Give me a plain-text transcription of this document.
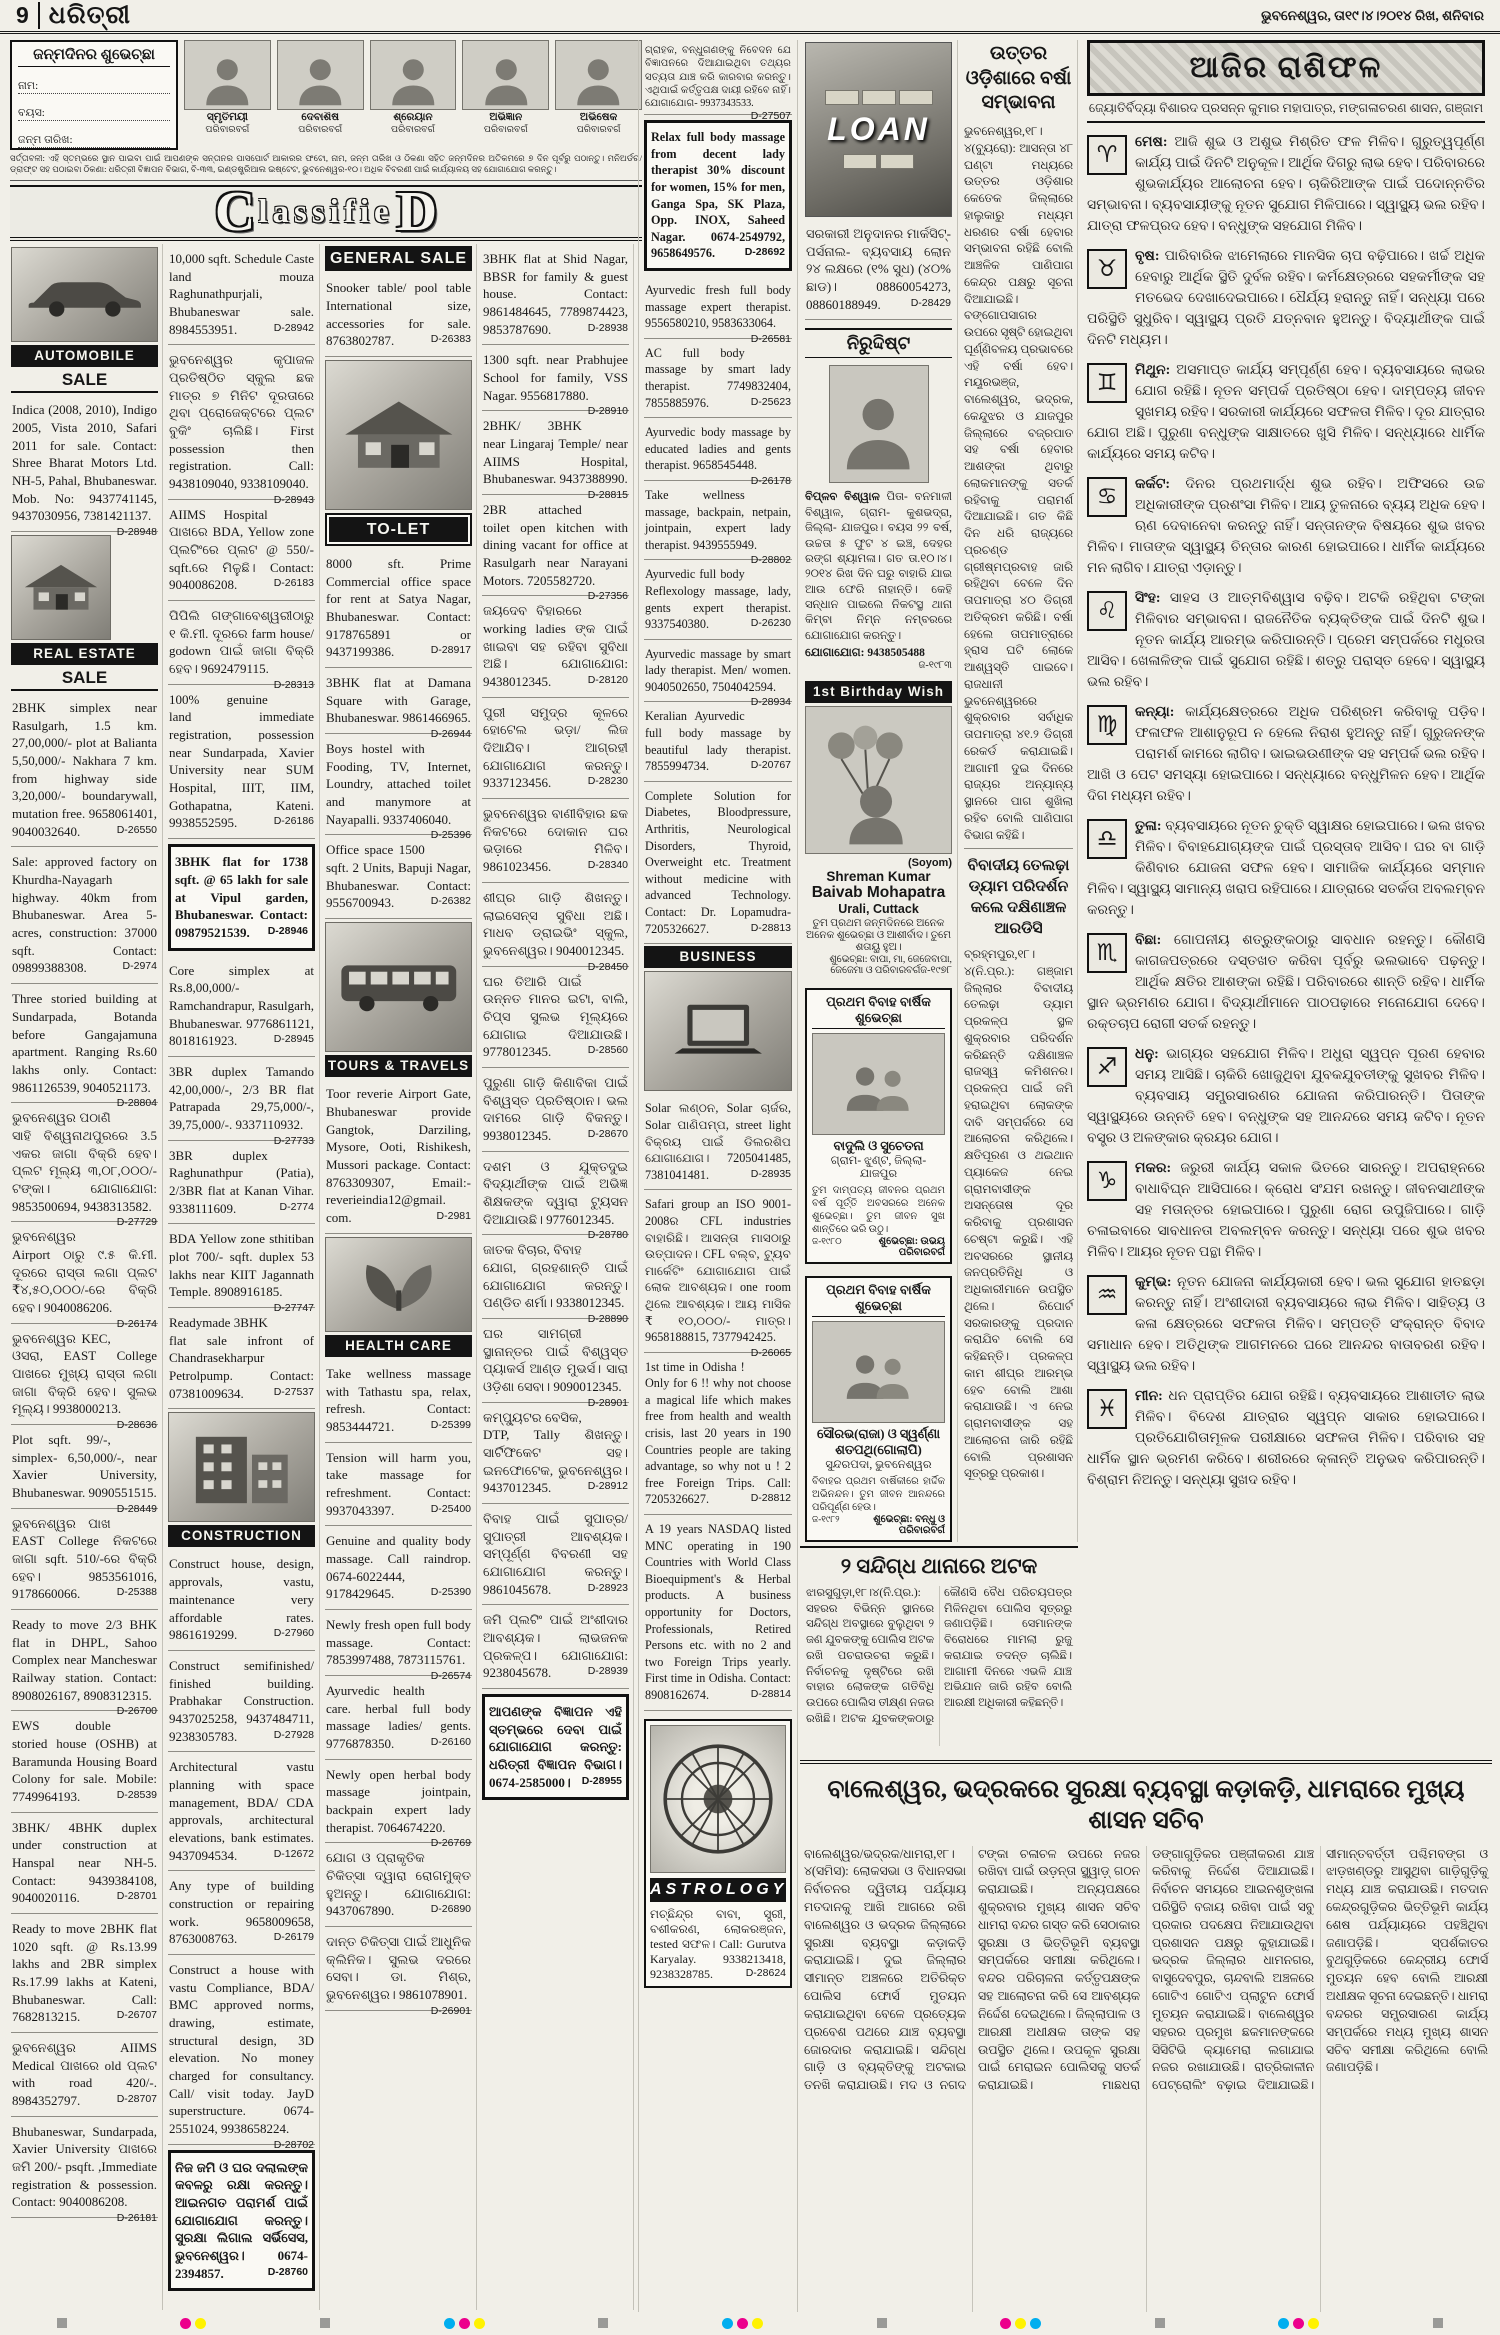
9 ଧରିତ୍ରୀ	ଭୁବନେଶ୍ୱର, ତା୧୯।୪।୨୦୧୪ ରିଖ, ଶନିବାର
ଜନ୍ମଦିନର ଶୁଭେଚ୍ଛା
ନାମ:
ବୟସ:
ଜନ୍ମ ତାରିଖ:
ସ୍ମୃତିମୟୀ
ପରିବାରବର୍ଗ
ଦେବାଶିଷ
ପରିବାରବର୍ଗ
ଶ୍ରେୟାନ
ପରିବାରବର୍ଗ
ଅଭିଜ୍ଞାନ
ପରିବାରବର୍ଗ
ଅଭିଷେକ
ପରିବାରବର୍ଗ
ସର୍ତ୍ତାବଳୀ: ଏହି ସ୍ତମ୍ଭରେ ସ୍ଥାନ ପାଇବା ପାଇଁ ଆପଣଙ୍କ ସନ୍ତାନର ପାସପୋର୍ଟ ଆକାରର ଫଟୋ, ନାମ, ଜନ୍ମ ତାରିଖ ଓ ଠିକଣା ସହିତ ଜନ୍ମଦିନର ଅତିକମରେ ୭ ଦିନ ପୂର୍ବରୁ ପଠାନ୍ତୁ। ମନିଅର୍ଡର/ ଡ୍ରାଫ୍ଟ ସହ ପଠାଇବା ଠିକଣା: ଧରିତ୍ରୀ ବିଜ୍ଞାପନ ବିଭାଗ, ବି-୩୩, ଇଣ୍ଡଷ୍ଟ୍ରିଆଲ ଇଷ୍ଟେଟ, ଭୁବନେଶ୍ୱର-୧୦। ଅଧିକ ବିବରଣୀ ପାଇଁ କାର୍ଯ୍ୟାଳୟ ସହ ଯୋଗାଯୋଗ କରନ୍ତୁ।
C lassifie D
AUTOMOBILE
SALE
Indica (2008, 2010), Indigo 2005, Vista 2010, Safari 2011 for sale. Contact: Shree Bharat Motors Ltd. NH-5, Pahal, Bhubaneswar. Mob. No: 9437741145, 9437030956, 7381421137.
D-28948
REAL ESTATE
SALE
2BHK simplex near Rasulgarh, 1.5 km. 27,00,000/- plot at Balianta 5,50,000/- Nakhara 7 km. from highway side 3,20,000/- boundarywall, mutation free. 9658061401, 9040032640.	D-26550
Sale: approved factory on Khurdha-Nayagarh highway. 40km from Bhubaneswar. Area 5- acres, construction: 37000 sqft. Contact: 09899388308.	D-2974
Three storied building at Sundarpada, Botanda before Gangajamuna apartment. Ranging Rs.60 lakhs only. Contact: 9861126539, 9040521173.
D-28804
ଭୁବନେଶ୍ୱର ପଠାଣି ସାହି ବିଶ୍ୱନାଥପୁରରେ 3.5 ଏକର ଜାଗା ବିକ୍ରି ହେବ। ପ୍ଲଟ ମୂଲ୍ୟ ୩,୦୮,୦୦୦/- ଟଙ୍କା। ଯୋଗାଯୋଗ: 9853500694, 9438313582.
D-27729
ଭୁବନେଶ୍ୱର Airport ଠାରୁ ୯.୫ କି.ମୀ. ଦୂରରେ ରାସ୍ତା ଲଗା ପ୍ଲଟ ₹୪,୫୦,୦୦୦/-ରେ ବିକ୍ରି ହେବ। 9040086206.
D-26174
ଭୁବନେଶ୍ୱର KEC, ଓସରା, EAST College ପାଖରେ ମୁଖ୍ୟ ରାସ୍ତା ଲଗା ଜାଗା ବିକ୍ରି ହେବ। ସୁଲଭ ମୂଲ୍ୟ। 9938000213.
D-28636
Plot sqft. 99/-, simplex- 6,50,000/-, near Xavier University, Bhubaneswar. 9090551515.
D-28449
ଭୁବନେଶ୍ୱର ପାଖ EAST College ନିକଟରେ ଜାଗା sqft. 510/-ରେ ବିକ୍ରି ହେବ। 9853561016, 9178660066.	D-25388
Ready to move 2/3 BHK flat in DHPL, Sahoo Complex near Mancheswar Railway station. Contact: 8908026167, 8908312315.
D-26700
EWS double storied house (OSHB) at Baramunda Housing Board Colony for sale. Mobile: 7749964193.	D-28539
3BHK/ 4BHK duplex under construction at Hanspal near NH-5. Contact: 9439384108, 9040020116.	D-28701
Ready to move 2BHK flat 1020 sqft. @ Rs.13.99 lakhs and 2BR simplex Rs.17.99 lakhs at Kateni, Bhubaneswar. Call: 7682813215.	D-26707
ଭୁବନେଶ୍ୱର AIIMS Medical ପାଖରେ old ପ୍ଲଟ with road 420/-. 8984352797.	D-28707
Bhubaneswar, Sundarpada, Xavier University ପାଖରେ ଜମି 200/- psqft. ,Immediate registration & possession. Contact: 9040086208.
D-26181
10,000 sqft. Schedule Caste land mouza Raghunathpurjali, Bhubaneswar sale. 8984553951.	D-28942
ଭୁବନେଶ୍ୱର କୃପାଜଳ ପ୍ରତିଷ୍ଠିତ ସ୍କୁଲ ଛକ ମାତ୍ର ୭ ମିନିଟ ଦୂରତାରେ ଥିବା ପ୍ରୋଜେକ୍ଟରେ ପ୍ଲଟ ବୁକିଂ ଚାଲିଛି। First possession then registration. Call: 9438109040, 9338109040.
D-28943
AIIMS Hospital ପାଖରେ BDA, Yellow zone ପ୍ଲଟିଂରେ ପ୍ଲଟ @ 550/- sqft.ରେ ମିଳୁଛି। Contact: 9040086208.	D-26183
ପିପିଲି ଗଙ୍ଗାବେଶ୍ୱରୀଠାରୁ ୧ କି.ମୀ. ଦୂରରେ farm house/ godown ପାଇଁ ଜାଗା ବିକ୍ରି ହେବ। 9692479115.
D-28313
100% genuine land immediate registration, possession near Sundarpada, Xavier University near SUM Hospital, IIIT, IIM, Gothapatna, Kateni. 9938552595.	D-26186
3BHK flat for 1738 sqft. @ 65 lakh for sale at Vipul garden, Bhubaneswar. Contact: 09879521539. D-28946
Core simplex at Rs.8,00,000/- Ramchandrapur, Rasulgarh, Bhubaneswar. 9776861121, 8018161923.	D-28945
3BR duplex Tamando 42,00,000/-, 2/3 BR flat Patrapada 29,75,000/-, 39,75,000/-. 9337110932.
D-27733
3BR duplex Raghunathpur (Patia), 2/3BR flat at Kanan Vihar. 9338111609.	D-2774
BDA Yellow zone sthitiban plot 700/- sqft. duplex 53 lakhs near KIIT Jagannath Temple. 8908916185.
D-27747
Readymade 3BHK flat sale infront of Chandrasekharpur Petrolpump. Contact: 07381009634.	D-27537
CONSTRUCTION
Construct house, design, approvals, vastu, maintenance very affordable rates. 9861619299.	D-27960
Construct semifinished/ finished building. Prabhakar Construction. 9437025258, 9437484711, 9238305783.	D-27928
Architectural vastu planning with space management, BDA/ CDA approvals, architectural elevations, bank estimates. 9437094534.	D-12672
Any type of building construction or repairing work. 9658009658, 8763008763.	D-26179
Construct a house with vastu Compliance, BDA/ BMC approved norms, drawing, estimate, structural design, 3D elevation. No money charged for consultancy. Call/ visit today. JayD superstructure. 0674-2551024, 9938658224.
D-28702
ନିଜ ଜମି ଓ ଘର ଦଲାଲଙ୍କ କବଳରୁ ରକ୍ଷା କରନ୍ତୁ। ଆଇନଗତ ପରାମର୍ଶ ପାଇଁ ଯୋଗାଯୋଗ କରନ୍ତୁ। ସୁରକ୍ଷା ଲିଗାଲ ସର୍ଭିସେସ, ଭୁବନେଶ୍ୱର। 0674-2394857.	D-28760
GENERAL SALE
Snooker table/ pool table International size, accessories for sale. 8763802787.	D-26383
TO-LET
8000 sft. Prime Commercial office space for rent at Satya Nagar, Bhubaneswar. Contact: 9178765891 or 9437199386.	D-28917
3BHK flat at Damana Square with Garage, Bhubaneswar. 9861466965.
D-26944
Boys hostel with Fooding, TV, Internet, Loundry, attached toilet and manymore at Nayapalli. 9337406040.
D-25396
Office space 1500 sqft. 2 Units, Bapuji Nagar, Bhubaneswar. Contact: 9556700943.	D-26382
TOURS & TRAVELS
Toor reverie Airport Gate, Bhubaneswar provide Gangtok, Darziling, Mysore, Ooti, Rishikesh, Mussori package. Contact: 8763309307, Email:- reverieindia12@gmail. com.	D-2981
HEALTH CARE
Take wellness massage with Tathastu spa, relax, refresh. Contact: 9853444721.	D-25399
Tension will harm you, take massage for refreshment. Contact: 9937043397.	D-25400
Genuine and quality body massage. Call raindrop. 0674-6022444, 9178429645.	D-25390
Newly fresh open full body massage. Contact: 7853997488, 7873115761.
D-26574
Ayurvedic health care. herbal full body massage ladies/ gents. 9776878350.	D-26160
Newly open herbal body massage jointpain, backpain expert lady therapist. 7064674220.
D-26769
ଯୋଗ ଓ ପ୍ରାକୃତିକ ଚିକିତ୍ସା ଦ୍ୱାରା ରୋଗମୁକ୍ତ ହୁଅନ୍ତୁ। ଯୋଗାଯୋଗ: 9437067890.	D-26890
ଦାନ୍ତ ଚିକିତ୍ସା ପାଇଁ ଆଧୁନିକ କ୍ଲିନିକ। ସୁଲଭ ଦରରେ ସେବା। ଡା. ମିଶ୍ର, ଭୁବନେଶ୍ୱର। 9861078901.
D-26901
3BHK flat at Shid Nagar, BBSR for family & guest house. Contact: 9861484645, 7789874423, 9853787690.	D-28938
1300 sqft. near Prabhujee School for family, VSS Nagar. 9556817880.
D-28910
2BHK/ 3BHK near Lingaraj Temple/ near AIIMS Hospital, Bhubaneswar. 9437388990.
D-28815
2BR attached toilet open kitchen with dining vacant for office at Rasulgarh near Narayani Motors. 7205582720.
D-27356
ଜୟଦେବ ବିହାରରେ working ladies ଙ୍କ ପାଇଁ ଖାଇବା ସହ ରହିବା ସୁବିଧା ଅଛି। ଯୋଗାଯୋଗ: 9438012345.	D-28120
ପୁରୀ ସମୁଦ୍ର କୂଳରେ ହୋଟେଲ ଭଡ଼ା/ ଲିଜ ଦିଆଯିବ। ଆଗ୍ରହୀ ଯୋଗାଯୋଗ କରନ୍ତୁ। 9337123456.	D-28230
ଭୁବନେଶ୍ୱର ବାଣୀବିହାର ଛକ ନିକଟରେ ଦୋକାନ ଘର ଭଡ଼ାରେ ମିଳିବ। 9861023456.	D-28340
ଶୀଘ୍ର ଗାଡ଼ି ଶିଖନ୍ତୁ। ଲାଇସେନ୍ସ ସୁବିଧା ଅଛି। ମାଧବ ଡ୍ରାଇଭିଂ ସ୍କୁଲ, ଭୁବନେଶ୍ୱର। 9040012345.
D-28450
ଘର ତିଆରି ପାଇଁ ଉନ୍ନତ ମାନର ଇଟା, ବାଲି, ଚିପ୍ସ ସୁଲଭ ମୂଲ୍ୟରେ ଯୋଗାଇ ଦିଆଯାଉଛି। 9778012345.	D-28560
ପୁରୁଣା ଗାଡ଼ି କିଣାବିକା ପାଇଁ ବିଶ୍ୱସ୍ତ ପ୍ରତିଷ୍ଠାନ। ଭଲ ଦାମରେ ଗାଡ଼ି ବିକନ୍ତୁ। 9938012345.	D-28670
ଦଶମ ଓ ଯୁକ୍ତଦୁଇ ବିଦ୍ୟାର୍ଥୀଙ୍କ ପାଇଁ ଅଭିଜ୍ଞ ଶିକ୍ଷକଙ୍କ ଦ୍ୱାରା ଟ୍ୟୁସନ ଦିଆଯାଉଛି। 9776012345.
D-28780
ଜାତକ ବିଚାର, ବିବାହ ଯୋଗ, ଗ୍ରହଶାନ୍ତି ପାଇଁ ଯୋଗାଯୋଗ କରନ୍ତୁ। ପଣ୍ଡିତ ଶର୍ମା। 9338012345.
D-28890
ଘର ସାମଗ୍ରୀ ସ୍ଥାନାନ୍ତର ପାଇଁ ବିଶ୍ୱସ୍ତ ପ୍ୟାକର୍ସ ଆଣ୍ଡ ମୁଭର୍ସ। ସାରା ଓଡ଼ିଶା ସେବା। 9090012345.
D-28901
କମ୍ପ୍ୟୁଟର ବେସିକ, DTP, Tally ଶିଖନ୍ତୁ। ସାର୍ଟିଫିକେଟ ସହ। ଇନଫୋଟେକ, ଭୁବନେଶ୍ୱର। 9437012345.	D-28912
ବିବାହ ପାଇଁ ସୁପାତ୍ର/ ସୁପାତ୍ରୀ ଆବଶ୍ୟକ। ସମ୍ପୂର୍ଣ୍ଣ ବିବରଣୀ ସହ ଯୋଗାଯୋଗ କରନ୍ତୁ। 9861045678.	D-28923
ଜମି ପ୍ଲଟିଂ ପାଇଁ ଅଂଶୀଦାର ଆବଶ୍ୟକ। ଲାଭଜନକ ପ୍ରକଳ୍ପ। ଯୋଗାଯୋଗ: 9238045678.	D-28939
ଆପଣଙ୍କ ବିଜ୍ଞାପନ ଏହି ସ୍ତମ୍ଭରେ ଦେବା ପାଇଁ ଯୋଗାଯୋଗ କରନ୍ତୁ: ଧରିତ୍ରୀ ବିଜ୍ଞାପନ ବିଭାଗ। 0674-2585000। D-28955
ଗ୍ରାହକ, ବନ୍ଧୁଗଣଙ୍କୁ ନିବେଦନ ଯେ ବିଜ୍ଞାପନରେ ଦିଆଯାଇଥିବା ତଥ୍ୟର ସତ୍ୟତା ଯାଞ୍ଚ କରି କାରବାର କରନ୍ତୁ। ଏଥିପାଇଁ କର୍ତ୍ତୃପକ୍ଷ ଦାୟୀ ରହିବେ ନାହିଁ। ଯୋଗାଯୋଗ- 9937343533.
D-27507
Relax full body massage from decent lady therapist 30% discount for women, 15% for men, Ganga Spa, SK Plaza, Opp. INOX, Saheed Nagar. 0674-2549792, 9658649576.	D-28692
Ayurvedic fresh full body massage expert therapist. 9556580210, 9583633064.
D-26581
AC full body massage by smart lady therapist. 7749832404, 7855885976.	D-25623
Ayurvedic body massage by educated ladies and gents therapist. 9658545448.
D-26178
Take wellness massage, backpain, netpain, jointpain, expert lady therapist. 9439555949.
D-28802
Ayurvedic full body Reflexology massage, lady, gents expert therapist. 9337540380.	D-26230
Ayurvedic massage by smart lady therapist. Men/ women. 9040502650, 7504042594.
D-28934
Keralian Ayurvedic full body massage by beautiful lady therapist. 7855994734.	D-20767
Complete Solution for Diabetes, Bloodpressure, Arthritis, Neurological Disorders, Thyroid, Overweight etc. Treatment without medicine with advanced Technology. Contact: Dr. Lopamudra- 7205326627.	D-28813
BUSINESS
Solar ଲଣ୍ଠନ, Solar ଚାର୍ଜର, Solar ପାଣିପମ୍ପ, street light ବିକ୍ରୟ ପାଇଁ ଡିଲରଶିପ ଯୋଗାଯୋଗ। 7205041485, 7381041481.	D-28935
Safari group an ISO 9001-2008ର CFL industries ବାହାରିଛି। ଆସନ୍ତା ମାସଠାରୁ ଉତ୍ପାଦନ। CFL ବଲ୍ବ, ଟ୍ୟୁବ ମାର୍କେଟିଂ ଯୋଗାଯୋଗ ପାଇଁ ଲୋକ ଆବଶ୍ୟକ। one room ଥିଲେ ଆବଶ୍ୟକ। ଆୟ ମାସିକ ₹ ୧୦,୦୦୦/- ମାତ୍ର। 9658188815, 7377942425.
D-26065
1st time in Odisha ! Only for 6 !! why not choose a magical life which makes free from health and wealth crisis, last 20 years in 190 Countries people are taking advantage, so why not u ! 2 free Foreign Trips. Call: 7205326627.	D-28812
A 19 years NASDAQ listed MNC operating in 190 Countries with World Class Bioequipment's & Herbal products. A business opportunity for Doctors, Professionals, Retired Persons etc. with no 2 and two Foreign Trips yearly. First time in Odisha. Contact: 8908162674.	D-28814
ASTROLOGY
ମଚ୍ଛିନ୍ଦ୍ର ବାବା, ସ୍ତ୍ରୀ, ବଶୀକରଣ, ଲୋକରଞ୍ଜନ, tested ସଫଳ। Call: Gurutva Karyalay. 9338213418, 9238328785.	D-28624
LOAN
ସରକାରୀ ଅନୁଦାନର ମାର୍କସିଟ୍- ପର୍ସନାଲ- ବ୍ୟବସାୟ ଲୋନ ୨୪ ଲକ୍ଷରେ (୧% ସୁଧ) (୪୦% ଛାଡ)। 08860054273, 08860188949.	D-28429
ନିରୁଦ୍ଦିଷ୍ଟ

ବିପ୍ଳବ ବିଶ୍ୱାଳ ପିତା- ବନମାଳୀ ବିଶ୍ୱାଳ, ଗ୍ରାମ- କୁଶଭଦ୍ରା, ଜିଲ୍ଲା- ଯାଜପୁର। ବୟସ ୨୨ ବର୍ଷ, ଉଚ୍ଚତା ୫ ଫୁଟ ୪ ଇଞ୍ଚ, ଦେହର ରଙ୍ଗ ଶ୍ୟାମଳା। ଗତ ତା.୧୦।୪।୨୦୧୪ ରିଖ ଦିନ ଘରୁ ବାହାରି ଯାଇ ଆଉ ଫେରି ନାହାନ୍ତି। କେହି ସନ୍ଧାନ ପାଇଲେ ନିକଟସ୍ଥ ଥାନା କିମ୍ବା ନିମ୍ନ ନମ୍ବରରେ ଯୋଗାଯୋଗ କରନ୍ତୁ।

ଯୋଗାଯୋଗ: 9438505488
ଜ-୧୯୮୩
1st Birthday Wish
(Soyom)
Shreman Kumar
Baivab Mohapatra
Urali, Cuttack
ତୁମ ପ୍ରଥମ ଜନ୍ମଦିନରେ ଅନେକ ଅନେକ ଶୁଭେଚ୍ଛା ଓ ଆଶୀର୍ବାଦ। ତୁମେ ଶତାୟୁ ହୁଅ।
ଶୁଭେଚ୍ଛା: ବାପା, ମା, ଜେଜେବାପା, ଜେଜେମା ଓ ପରିବାରବର୍ଗ ଜ-୧୯୭୮
ପ୍ରଥମ ବିବାହ ବାର୍ଷିକ ଶୁଭେଚ୍ଛା
ବାଦୁଲି ଓ ସୁଚେତନା
ଗ୍ରାମ- ଝୁଣ୍ଟ, ଜିଲ୍ଲା- ଯାଜପୁର
ତୁମ ଦାମ୍ପତ୍ୟ ଜୀବନର ପ୍ରଥମ ବର୍ଷ ପୂର୍ତ୍ତି ଅବସରରେ ଅନେକ ଶୁଭେଚ୍ଛା। ତୁମ ଜୀବନ ସୁଖ ଶାନ୍ତିରେ ଭରି ଉଠୁ।
ଜ-୧୯୮୦	ଶୁଭେଚ୍ଛା: ଉଭୟ ପରିବାରବର୍ଗ
ପ୍ରଥମ ବିବାହ ବାର୍ଷିକ ଶୁଭେଚ୍ଛା
ସୌରଭ(ରାଜା) ଓ ସ୍ୱର୍ଣ୍ଣା ଶତପଥି(ଗୋଲାପି)
ସୁନ୍ଦରପଦା, ଭୁବନେଶ୍ୱର
ବିବାହର ପ୍ରଥମ ବାର୍ଷିକୀରେ ହାର୍ଦ୍ଦିକ ଅଭିନନ୍ଦନ। ତୁମ ଜୀବନ ଆନନ୍ଦରେ ପରିପୂର୍ଣ୍ଣ ହେଉ।
ଜ-୧୯୮୨	ଶୁଭେଚ୍ଛା: ବନ୍ଧୁ ଓ ପରିବାରବର୍ଗ
ଉତ୍ତର ଓଡ଼ିଶାରେ ବର୍ଷା ସମ୍ଭାବନା

ଭୁବନେଶ୍ୱର,୧୮।୪(ବ୍ୟୁରୋ): ଆସନ୍ତା ୪୮ ଘଣ୍ଟା ମଧ୍ୟରେ ଉତ୍ତର ଓଡ଼ିଶାର କେତେକ ଜିଲ୍ଲାରେ ହାଲୁକାରୁ ମଧ୍ୟମ ଧରଣର ବର୍ଷା ହେବାର ସମ୍ଭାବନା ରହିଛି ବୋଲି ଆଞ୍ଚଳିକ ପାଣିପାଗ କେନ୍ଦ୍ର ପକ୍ଷରୁ ସୂଚନା ଦିଆଯାଇଛି। ବଙ୍ଗୋପସାଗର ଉପରେ ସୃଷ୍ଟି ହୋଇଥିବା ଘୂର୍ଣ୍ଣିବଳୟ ପ୍ରଭାବରେ ଏହି ବର୍ଷା ହେବ। ମୟୂରଭଞ୍ଜ, ବାଲେଶ୍ୱର, ଭଦ୍ରକ, କେନ୍ଦୁଝର ଓ ଯାଜପୁର ଜିଲ୍ଲାରେ ବଜ୍ରପାତ ସହ ବର୍ଷା ହେବାର ଆଶଙ୍କା ଥିବାରୁ ଲୋକମାନଙ୍କୁ ସତର୍କ ରହିବାକୁ ପରାମର୍ଶ ଦିଆଯାଇଛି। ଗତ କିଛି ଦିନ ଧରି ରାଜ୍ୟରେ ପ୍ରଚଣ୍ଡ ଗ୍ରୀଷ୍ମପ୍ରବାହ ଜାରି ରହିଥିବା ବେଳେ ଦିନ ତାପମାତ୍ରା ୪୦ ଡିଗ୍ରୀ ଅତିକ୍ରମ କରିଛି। ବର୍ଷା ହେଲେ ତାପମାତ୍ରାରେ ହ୍ରାସ ଘଟି ଲୋକେ ଆଶ୍ୱସ୍ତି ପାଇବେ। ରାଜଧାନୀ ଭୁବନେଶ୍ୱରରେ ଶୁକ୍ରବାର ସର୍ବାଧିକ ତାପମାତ୍ରା ୪୧.୨ ଡିଗ୍ରୀ ରେକର୍ଡ କରାଯାଇଛି। ଆଗାମୀ ଦୁଇ ଦିନରେ ରାଜ୍ୟର ଅନ୍ୟାନ୍ୟ ସ୍ଥାନରେ ପାଗ ଶୁଖିଲା ରହିବ ବୋଲି ପାଣିପାଗ ବିଭାଗ କହିଛି।

ବିବାଦୀୟ ତେଲଢ଼ା ଡ୍ୟାମ ପରିଦର୍ଶନ କଲେ ଦକ୍ଷିଣାଞ୍ଚଳ ଆରଡିସି

ବ୍ରହ୍ମପୁର,୧୮।୪(ନି.ପ୍ର.): ଗଞ୍ଜାମ ଜିଲ୍ଲାର ବିବାଦୀୟ ତେଲଢ଼ା ଡ୍ୟାମ ପ୍ରକଳ୍ପ ସ୍ଥଳ ଶୁକ୍ରବାର ପରିଦର୍ଶନ କରିଛନ୍ତି ଦକ୍ଷିଣାଞ୍ଚଳ ରାଜସ୍ୱ କମିଶନର। ପ୍ରକଳ୍ପ ପାଇଁ ଜମି ହରାଇଥିବା ଲୋକଙ୍କ ଦାବି ସମ୍ପର୍କରେ ସେ ଆଲୋଚନା କରିଥିଲେ। କ୍ଷତିପୂରଣ ଓ ଥଇଥାନ ପ୍ୟାକେଜ ନେଇ ଗ୍ରାମବାସୀଙ୍କ ଅସନ୍ତୋଷ ଦୂର କରିବାକୁ ପ୍ରଶାସନ ଚେଷ୍ଟା କରୁଛି। ଏହି ଅବସରରେ ସ୍ଥାନୀୟ ଜନପ୍ରତିନିଧି ଓ ଅଧିକାରୀମାନେ ଉପସ୍ଥିତ ଥିଲେ। ରିପୋର୍ଟ ସରକାରଙ୍କୁ ପ୍ରଦାନ କରାଯିବ ବୋଲି ସେ କହିଛନ୍ତି। ପ୍ରକଳ୍ପ କାମ ଶୀଘ୍ର ଆରମ୍ଭ ହେବ ବୋଲି ଆଶା କରାଯାଉଛି। ଏ ନେଇ ଗ୍ରାମବାସୀଙ୍କ ସହ ଆଲୋଚନା ଜାରି ରହିଛି ବୋଲି ପ୍ରଶାସନ ସୂତ୍ରରୁ ପ୍ରକାଶ।

୨ ସନ୍ଦିଗ୍ଧ ଥାନାରେ ଅଟକ
ଝାରସୁଗୁଡ଼ା,୧୮।୪(ନି.ପ୍ର.): ସହରର ବିଭିନ୍ନ ସ୍ଥାନରେ ସନ୍ଦିଗ୍ଧ ଅବସ୍ଥାରେ ବୁଲୁଥିବା ୨ ଜଣ ଯୁବକଙ୍କୁ ପୋଲିସ ଅଟକ ରଖି ପଚରାଉଚରା କରୁଛି। ନିର୍ବାଚନକୁ ଦୃଷ୍ଟିରେ ରଖି ବାହାର ଲୋକଙ୍କ ଗତିବିଧି ଉପରେ ପୋଲିସ ତୀକ୍ଷ୍ଣ ନଜର ରଖିଛି। ଅଟକ ଯୁବକଙ୍କଠାରୁ କୌଣସି ବୈଧ ପରିଚୟପତ୍ର ମିଳିନଥିବା ପୋଲିସ ସୂତ୍ରରୁ ଜଣାପଡ଼ିଛି। ସେମାନଙ୍କ ବିରୋଧରେ ମାମଲା ରୁଜୁ କରାଯାଇ ତଦନ୍ତ ଚାଲିଛି। ଆଗାମୀ ଦିନରେ ଏଭଳି ଯାଞ୍ଚ ଅଭିଯାନ ଜାରି ରହିବ ବୋଲି ଆରକ୍ଷୀ ଅଧିକାରୀ କହିଛନ୍ତି।
ଆଜିର ରାଶିଫଳ
ଜ୍ୟୋତିର୍ବିଦ୍ୟା ବିଶାରଦ ପ୍ରସନ୍ନ କୁମାର ମହାପାତ୍ର, ମଙ୍ଗଳାଚରଣ ଶାସନ, ଗଞ୍ଜାମ
♈	ମେଷ : ଆଜି ଶୁଭ ଓ ଅଶୁଭ ମିଶ୍ରିତ ଫଳ ମିଳିବ। ଗୁରୁତ୍ୱପୂର୍ଣ୍ଣ କାର୍ଯ୍ୟ ପାଇଁ ଦିନଟି ଅନୁକୂଳ। ଆର୍ଥିକ ଦିଗରୁ ଲାଭ ହେବ। ପରିବାରରେ ଶୁଭକାର୍ଯ୍ୟର ଆଲୋଚନା ହେବ। ଚାକିରିଆଙ୍କ ପାଇଁ ପଦୋନ୍ନତିର ସମ୍ଭାବନା। ବ୍ୟବସାୟୀଙ୍କୁ ନୂତନ ସୁଯୋଗ ମିଳିପାରେ। ସ୍ୱାସ୍ଥ୍ୟ ଭଲ ରହିବ। ଯାତ୍ରା ଫଳପ୍ରଦ ହେବ। ବନ୍ଧୁଙ୍କ ସହଯୋଗ ମିଳିବ।
♉	ବୃଷ : ପାରିବାରିକ ଝାମେଲାରେ ମାନସିକ ଚାପ ବଢ଼ିପାରେ। ଖର୍ଚ୍ଚ ଅଧିକ ହେବାରୁ ଆର୍ଥିକ ସ୍ଥିତି ଦୁର୍ବଳ ରହିବ। କର୍ମକ୍ଷେତ୍ରରେ ସହକର୍ମୀଙ୍କ ସହ ମତଭେଦ ଦେଖାଦେଇପାରେ। ଧୈର୍ଯ୍ୟ ହରାନ୍ତୁ ନାହିଁ। ସନ୍ଧ୍ୟା ପରେ ପରିସ୍ଥିତି ସୁଧୁରିବ। ସ୍ୱାସ୍ଥ୍ୟ ପ୍ରତି ଯତ୍ନବାନ ହୁଅନ୍ତୁ। ବିଦ୍ୟାର୍ଥୀଙ୍କ ପାଇଁ ଦିନଟି ମଧ୍ୟମ।
♊	ମିଥୁନ : ଅସମାପ୍ତ କାର୍ଯ୍ୟ ସମ୍ପୂର୍ଣ୍ଣ ହେବ। ବ୍ୟବସାୟରେ ଲାଭର ଯୋଗ ରହିଛି। ନୂତନ ସମ୍ପର୍କ ପ୍ରତିଷ୍ଠା ହେବ। ଦାମ୍ପତ୍ୟ ଜୀବନ ସୁଖମୟ ରହିବ। ସରକାରୀ କାର୍ଯ୍ୟରେ ସଫଳତା ମିଳିବ। ଦୂର ଯାତ୍ରାର ଯୋଗ ଅଛି। ପୁରୁଣା ବନ୍ଧୁଙ୍କ ସାକ୍ଷାତରେ ଖୁସି ମିଳିବ। ସନ୍ଧ୍ୟାରେ ଧାର୍ମିକ କାର୍ଯ୍ୟରେ ସମୟ କଟିବ।
♋	କର୍କଟ : ଦିନର ପ୍ରଥମାର୍ଦ୍ଧ ଶୁଭ ରହିବ। ଅଫିସରେ ଉଚ୍ଚ ଅଧିକାରୀଙ୍କ ପ୍ରଶଂସା ମିଳିବ। ଆୟ ତୁଳନାରେ ବ୍ୟୟ ଅଧିକ ହେବ। ଋଣ ଦେବାନେବା କରନ୍ତୁ ନାହିଁ। ସନ୍ତାନଙ୍କ ବିଷୟରେ ଶୁଭ ଖବର ମିଳିବ। ମାତାଙ୍କ ସ୍ୱାସ୍ଥ୍ୟ ଚିନ୍ତାର କାରଣ ହୋଇପାରେ। ଧାର୍ମିକ କାର୍ଯ୍ୟରେ ମନ ଲାଗିବ। ଯାତ୍ରା ଏଡ଼ାନ୍ତୁ।
♌	ସିଂହ : ସାହସ ଓ ଆତ୍ମବିଶ୍ୱାସ ବଢ଼ିବ। ଅଟକି ରହିଥିବା ଟଙ୍କା ମିଳିବାର ସମ୍ଭାବନା। ରାଜନୈତିକ ବ୍ୟକ୍ତିଙ୍କ ପାଇଁ ଦିନଟି ଶୁଭ। ନୂତନ କାର୍ଯ୍ୟ ଆରମ୍ଭ କରିପାରନ୍ତି। ପ୍ରେମ ସମ୍ପର୍କରେ ମଧୁରତା ଆସିବ। ଖେଳାଳିଙ୍କ ପାଇଁ ସୁଯୋଗ ରହିଛି। ଶତ୍ରୁ ପରାସ୍ତ ହେବେ। ସ୍ୱାସ୍ଥ୍ୟ ଭଲ ରହିବ।
♍	କନ୍ୟା : କାର୍ଯ୍ୟକ୍ଷେତ୍ରରେ ଅଧିକ ପରିଶ୍ରମ କରିବାକୁ ପଡ଼ିବ। ଫଳାଫଳ ଆଶାନୁରୂପ ନ ହେଲେ ନିରାଶ ହୁଅନ୍ତୁ ନାହିଁ। ଗୁରୁଜନଙ୍କ ପରାମର୍ଶ କାମରେ ଲାଗିବ। ଭାଇଭଉଣୀଙ୍କ ସହ ସମ୍ପର୍କ ଭଲ ରହିବ। ଆଖି ଓ ପେଟ ସମସ୍ୟା ହୋଇପାରେ। ସନ୍ଧ୍ୟାରେ ବନ୍ଧୁମିଳନ ହେବ। ଆର୍ଥିକ ଦିଗ ମଧ୍ୟମ ରହିବ।
♎	ତୁଳା : ବ୍ୟବସାୟରେ ନୂତନ ଚୁକ୍ତି ସ୍ୱାକ୍ଷର ହୋଇପାରେ। ଭଲ ଖବର ମିଳିବ। ବିବାହଯୋଗ୍ୟଙ୍କ ପାଇଁ ପ୍ରସ୍ତାବ ଆସିବ। ଘର ବା ଗାଡ଼ି କିଣିବାର ଯୋଜନା ସଫଳ ହେବ। ସାମାଜିକ କାର୍ଯ୍ୟରେ ସମ୍ମାନ ମିଳିବ। ସ୍ୱାସ୍ଥ୍ୟ ସାମାନ୍ୟ ଖରାପ ରହିପାରେ। ଯାତ୍ରାରେ ସତର୍କତା ଅବଲମ୍ବନ କରନ୍ତୁ।
♏	ବିଛା : ଗୋପନୀୟ ଶତ୍ରୁଙ୍କଠାରୁ ସାବଧାନ ରହନ୍ତୁ। କୌଣସି କାଗଜପତ୍ରରେ ଦସ୍ତଖତ କରିବା ପୂର୍ବରୁ ଭଲଭାବେ ପଢ଼ନ୍ତୁ। ଆର୍ଥିକ କ୍ଷତିର ଆଶଙ୍କା ରହିଛି। ପରିବାରରେ ଶାନ୍ତି ରହିବ। ଧାର୍ମିକ ସ୍ଥାନ ଭ୍ରମଣର ଯୋଗ। ବିଦ୍ୟାର୍ଥୀମାନେ ପାଠପଢ଼ାରେ ମନୋଯୋଗ ଦେବେ। ରକ୍ତଚାପ ରୋଗୀ ସତର୍କ ରହନ୍ତୁ।
♐	ଧନୁ : ଭାଗ୍ୟର ସହଯୋଗ ମିଳିବ। ଅଧୁରା ସ୍ୱପ୍ନ ପୂରଣ ହେବାର ସମୟ ଆସିଛି। ଚାକିରି ଖୋଜୁଥିବା ଯୁବକଯୁବତୀଙ୍କୁ ସୁଖବର ମିଳିବ। ବ୍ୟବସାୟ ସମ୍ପ୍ରସାରଣର ଯୋଜନା କରିପାରନ୍ତି। ପିତାଙ୍କ ସ୍ୱାସ୍ଥ୍ୟରେ ଉନ୍ନତି ହେବ। ବନ୍ଧୁଙ୍କ ସହ ଆନନ୍ଦରେ ସମୟ କଟିବ। ନୂତନ ବସ୍ତ୍ର ଓ ଅଳଙ୍କାର କ୍ରୟର ଯୋଗ।
♑	ମକର : ଜରୁରୀ କାର୍ଯ୍ୟ ସକାଳ ଭିତରେ ସାରନ୍ତୁ। ଅପରାହ୍ନରେ ବାଧାବିଘ୍ନ ଆସିପାରେ। କ୍ରୋଧ ସଂଯମ ରଖନ୍ତୁ। ଜୀବନସାଥୀଙ୍କ ସହ ମତାନ୍ତର ହୋଇପାରେ। ପୁରୁଣା ରୋଗ ଉପୁଜିପାରେ। ଗାଡ଼ି ଚଳାଇବାରେ ସାବଧାନତା ଅବଲମ୍ବନ କରନ୍ତୁ। ସନ୍ଧ୍ୟା ପରେ ଶୁଭ ଖବର ମିଳିବ। ଆୟର ନୂତନ ପନ୍ଥା ମିଳିବ।
♒	କୁମ୍ଭ : ନୂତନ ଯୋଜନା କାର୍ଯ୍ୟକାରୀ ହେବ। ଭଲ ସୁଯୋଗ ହାତଛଡ଼ା କରନ୍ତୁ ନାହିଁ। ଅଂଶୀଦାରୀ ବ୍ୟବସାୟରେ ଲାଭ ମିଳିବ। ସାହିତ୍ୟ ଓ କଳା କ୍ଷେତ୍ରରେ ସଫଳତା ମିଳିବ। ସମ୍ପତ୍ତି ସଂକ୍ରାନ୍ତ ବିବାଦ ସମାଧାନ ହେବ। ଅତିଥିଙ୍କ ଆଗମନରେ ଘରେ ଆନନ୍ଦର ବାତାବରଣ ରହିବ। ସ୍ୱାସ୍ଥ୍ୟ ଭଲ ରହିବ।
♓	ମୀନ : ଧନ ପ୍ରାପ୍ତିର ଯୋଗ ରହିଛି। ବ୍ୟବସାୟରେ ଆଶାତୀତ ଲାଭ ମିଳିବ। ବିଦେଶ ଯାତ୍ରାର ସ୍ୱପ୍ନ ସାକାର ହୋଇପାରେ। ପ୍ରତିଯୋଗିତାମୂଳକ ପରୀକ୍ଷାରେ ସଫଳତା ମିଳିବ। ପରିବାର ସହ ଧାର୍ମିକ ସ୍ଥାନ ଭ୍ରମଣ କରିବେ। ଶରୀରରେ କ୍ଳାନ୍ତି ଅନୁଭବ କରିପାରନ୍ତି। ବିଶ୍ରାମ ନିଅନ୍ତୁ। ସନ୍ଧ୍ୟା ସୁଖଦ ରହିବ।
ବାଲେଶ୍ୱର, ଭଦ୍ରକରେ ସୁରକ୍ଷା ବ୍ୟବସ୍ଥା କଡ଼ାକଡ଼ି, ଧାମରାରେ ମୁଖ୍ୟ ଶାସନ ସଚିବ
ବାଲେଶ୍ୱର/ଭଦ୍ରକ/ଧାମରା,୧୮।୪(ସମିସ): ଲୋକସଭା ଓ ବିଧାନସଭା ନିର୍ବାଚନର ଦ୍ୱିତୀୟ ପର୍ଯ୍ୟାୟ ମତଦାନକୁ ଆଖି ଆଗରେ ରଖି ବାଲେଶ୍ୱର ଓ ଭଦ୍ରକ ଜିଲ୍ଲାରେ ସୁରକ୍ଷା ବ୍ୟବସ୍ଥା କଡ଼ାକଡ଼ି କରାଯାଇଛି। ଦୁଇ ଜିଲ୍ଲାର ସୀମାନ୍ତ ଅଞ୍ଚଳରେ ଅତିରିକ୍ତ ପୋଲିସ ଫୋର୍ସ ମୁତୟନ କରାଯାଇଥିବା ବେଳେ ପ୍ରତ୍ୟେକ ପ୍ରବେଶ ପଥରେ ଯାଞ୍ଚ ବ୍ୟବସ୍ଥା ଜୋରଦାର କରାଯାଇଛି। ସନ୍ଦିଗ୍ଧ ଗାଡ଼ି ଓ ବ୍ୟକ୍ତିଙ୍କୁ ଅଟକାଇ ତନଖି କରାଯାଉଛି। ମଦ ଓ ନଗଦ ଟଙ୍କା ଚଳାଚଳ ଉପରେ ନଜର ରଖିବା ପାଇଁ ଉଡ଼ନ୍ତା ସ୍କ୍ୱାଡ଼୍ ଗଠନ କରାଯାଇଛି। ଅନ୍ୟପକ୍ଷରେ ଶୁକ୍ରବାର ମୁଖ୍ୟ ଶାସନ ସଚିବ ଧାମରା ବନ୍ଦର ଗସ୍ତ କରି ସେଠାକାର ସୁରକ୍ଷା ଓ ଭିତ୍ତିଭୂମି ବ୍ୟବସ୍ଥା ସମ୍ପର୍କରେ ସମୀକ୍ଷା କରିଥିଲେ। ବନ୍ଦର ପରିଚାଳନା କର୍ତ୍ତୃପକ୍ଷଙ୍କ ସହ ଆଲୋଚନା କରି ସେ ଆବଶ୍ୟକ ନିର୍ଦ୍ଦେଶ ଦେଇଥିଲେ। ଜିଲ୍ଲାପାଳ ଓ ଆରକ୍ଷୀ ଅଧୀକ୍ଷକ ତାଙ୍କ ସହ ଉପସ୍ଥିତ ଥିଲେ। ଉପକୂଳ ସୁରକ୍ଷା ପାଇଁ ମେରାଇନ ପୋଲିସକୁ ସତର୍କ କରାଯାଇଛି। ମାଛଧରା ଡଙ୍ଗାଗୁଡ଼ିକର ପଞ୍ଜୀକରଣ ଯାଞ୍ଚ କରିବାକୁ ନିର୍ଦ୍ଦେଶ ଦିଆଯାଇଛି। ନିର୍ବାଚନ ସମୟରେ ଆଇନଶୃଙ୍ଖଳା ପରିସ୍ଥିତି ବଜାୟ ରଖିବା ପାଇଁ ସବୁ ପ୍ରକାର ପଦକ୍ଷେପ ନିଆଯାଉଥିବା ପ୍ରଶାସନ ପକ୍ଷରୁ କୁହାଯାଇଛି। ଭଦ୍ରକ ଜିଲ୍ଲାର ଧାମନଗର, ବାସୁଦେବପୁର, ଚାନ୍ଦବାଲି ଅଞ୍ଚଳରେ ଗୋଟିଏ ଗୋଟିଏ ପ୍ଲାଟୁନ ଫୋର୍ସ ମୁତୟନ କରାଯାଇଛି। ବାଲେଶ୍ୱର ସହରର ପ୍ରମୁଖ ଛକମାନଙ୍କରେ ସିସିଟିଭି କ୍ୟାମେରା ଲଗାଯାଇ ନଜର ରଖାଯାଉଛି। ରାତ୍ରିକାଳୀନ ପେଟ୍ରୋଲିଂ ବଢ଼ାଇ ଦିଆଯାଇଛି। ସୀମାନ୍ତବର୍ତ୍ତୀ ପଶ୍ଚିମବଙ୍ଗ ଓ ଝାଡ଼ଖଣ୍ଡରୁ ଆସୁଥିବା ଗାଡ଼ିଗୁଡ଼ିକୁ ମଧ୍ୟ ଯାଞ୍ଚ କରାଯାଉଛି। ମତଦାନ କେନ୍ଦ୍ରଗୁଡ଼ିକର ଭିତ୍ତିଭୂମି କାର୍ଯ୍ୟ ଶେଷ ପର୍ଯ୍ୟାୟରେ ପହଞ୍ଚିଥିବା ଜଣାପଡ଼ିଛି। ସ୍ପର୍ଶକାତର ବୁଥଗୁଡ଼ିକରେ କେନ୍ଦ୍ରୀୟ ଫୋର୍ସ ମୁତୟନ ହେବ ବୋଲି ଆରକ୍ଷୀ ଅଧୀକ୍ଷକ ସୂଚନା ଦେଇଛନ୍ତି। ଧାମରା ବନ୍ଦରର ସମ୍ପ୍ରସାରଣ କାର୍ଯ୍ୟ ସମ୍ପର୍କରେ ମଧ୍ୟ ମୁଖ୍ୟ ଶାସନ ସଚିବ ସମୀକ୍ଷା କରିଥିଲେ ବୋଲି ଜଣାପଡ଼ିଛି।
